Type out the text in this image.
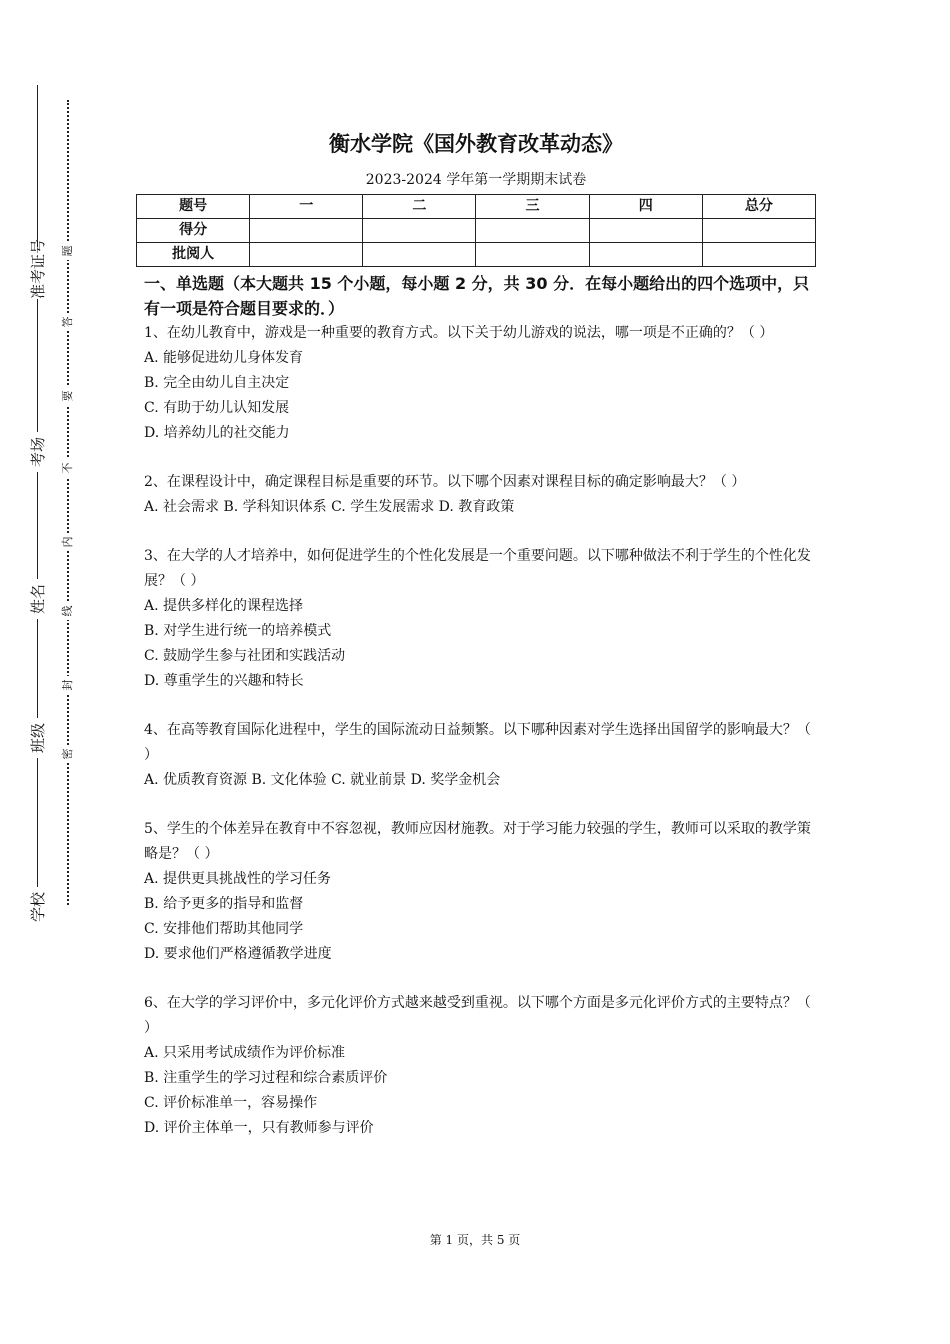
准考证号
考场
姓名
班级
学校
题
答
要
不
内
线
封
密
衡水学院《国外教育改革动态》
2023-2024 学年第一学期期末试卷
题号	一	二	三	四	总分
得分					
批阅人					

一、单选题（本大题共 15 个小题，每小题 2 分，共 30 分．在每小题给出的四个选项中，只有一项是符合题目要求的．）

1、在幼儿教育中，游戏是一种重要的教育方式。以下关于幼儿游戏的说法，哪一项是不正确的？（ ）

A. 能够促进幼儿身体发育

B. 完全由幼儿自主决定

C. 有助于幼儿认知发展

D. 培养幼儿的社交能力

2、在课程设计中，确定课程目标是重要的环节。以下哪个因素对课程目标的确定影响最大？（ ）

A. 社会需求 B. 学科知识体系 C. 学生发展需求 D. 教育政策

3、在大学的人才培养中，如何促进学生的个性化发展是一个重要问题。以下哪种做法不利于学生的个性化发展？（ ）

A. 提供多样化的课程选择

B. 对学生进行统一的培养模式

C. 鼓励学生参与社团和实践活动

D. 尊重学生的兴趣和特长

4、在高等教育国际化进程中，学生的国际流动日益频繁。以下哪种因素对学生选择出国留学的影响最大？（ ）

A. 优质教育资源 B. 文化体验 C. 就业前景 D. 奖学金机会

5、学生的个体差异在教育中不容忽视，教师应因材施教。对于学习能力较强的学生，教师可以采取的教学策略是？（ ）

A. 提供更具挑战性的学习任务

B. 给予更多的指导和监督

C. 安排他们帮助其他同学

D. 要求他们严格遵循教学进度

6、在大学的学习评价中，多元化评价方式越来越受到重视。以下哪个方面是多元化评价方式的主要特点？（ ）

A. 只采用考试成绩作为评价标准

B. 注重学生的学习过程和综合素质评价

C. 评价标准单一，容易操作

D. 评价主体单一，只有教师参与评价

第 1 页，共 5 页
